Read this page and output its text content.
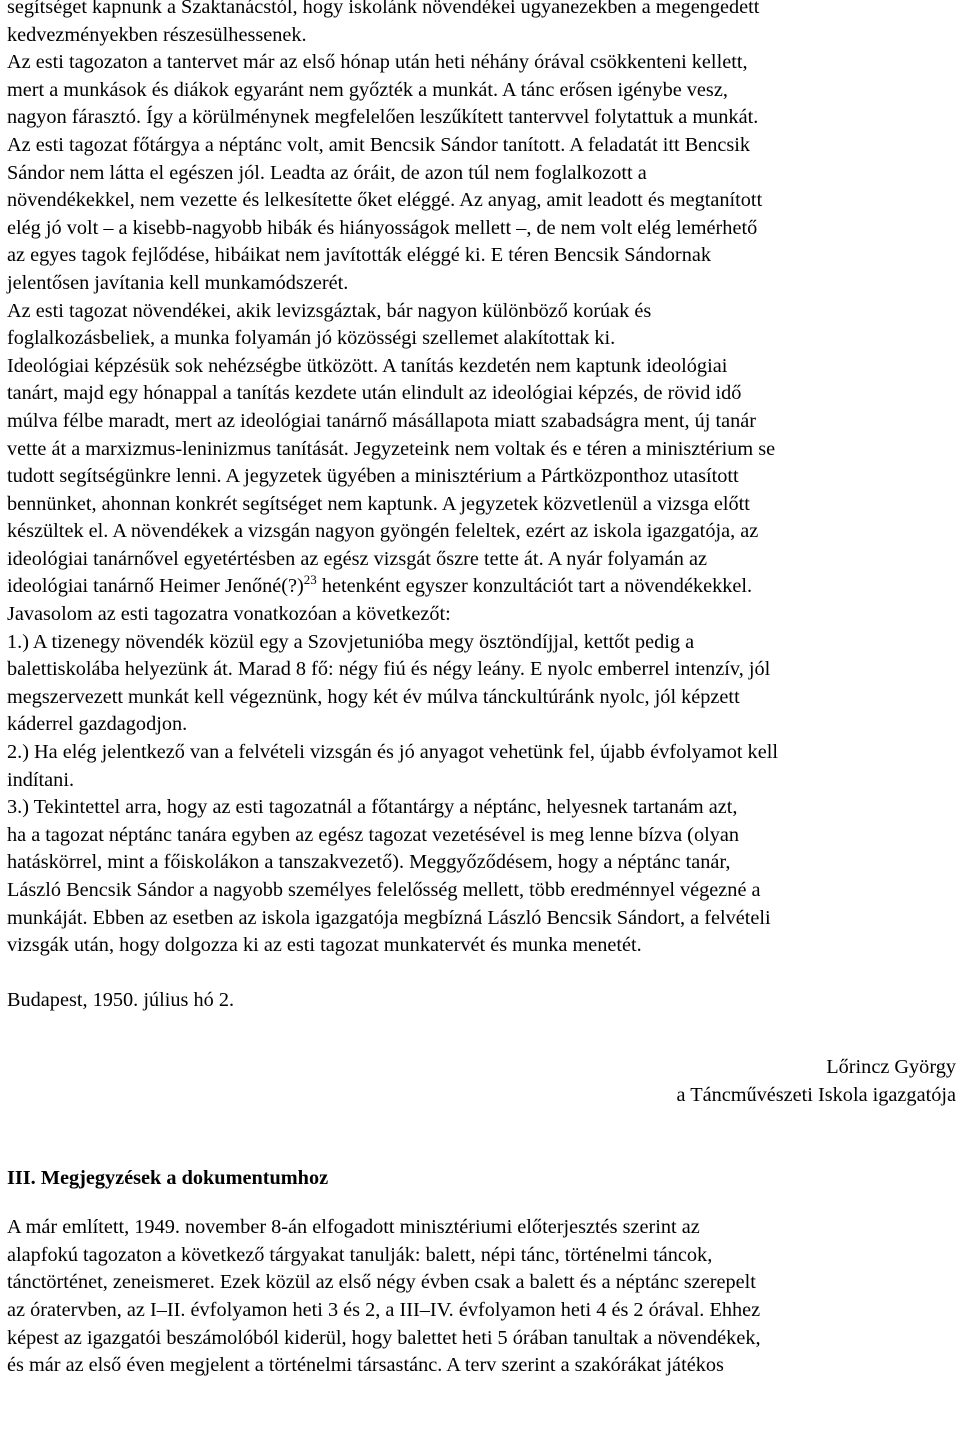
segítséget kapnunk a Szaktanácstól, hogy iskolánk növendékei ugyanezekben a megengedett

kedvezményekben részesülhessenek.

Az esti tagozaton a tantervet már az első hónap után heti néhány órával csökkenteni kellett,

mert a munkások és diákok egyaránt nem győzték a munkát. A tánc erősen igénybe vesz,

nagyon fárasztó. Így a körülménynek megfelelően leszűkített tantervvel folytattuk a munkát.

Az esti tagozat főtárgya a néptánc volt, amit Bencsik Sándor tanított. A feladatát itt Bencsik

Sándor nem látta el egészen jól. Leadta az óráit, de azon túl nem foglalkozott a

növendékekkel, nem vezette és lelkesítette őket eléggé. Az anyag, amit leadott és megtanított

elég jó volt – a kisebb-nagyobb hibák és hiányosságok mellett –, de nem volt elég lemérhető

az egyes tagok fejlődése, hibáikat nem javították eléggé ki. E téren Bencsik Sándornak

jelentősen javítania kell munkamódszerét.

Az esti tagozat növendékei, akik levizsgáztak, bár nagyon különböző korúak és

foglalkozásbeliek, a munka folyamán jó közösségi szellemet alakítottak ki.

Ideológiai képzésük sok nehézségbe ütközött. A tanítás kezdetén nem kaptunk ideológiai

tanárt, majd egy hónappal a tanítás kezdete után elindult az ideológiai képzés, de rövid idő

múlva félbe maradt, mert az ideológiai tanárnő másállapota miatt szabadságra ment, új tanár

vette át a marxizmus-leninizmus tanítását. Jegyzeteink nem voltak és e téren a minisztérium se

tudott segítségünkre lenni. A jegyzetek ügyében a minisztérium a Pártközponthoz utasított

bennünket, ahonnan konkrét segítséget nem kaptunk. A jegyzetek közvetlenül a vizsga előtt

készültek el. A növendékek a vizsgán nagyon gyöngén feleltek, ezért az iskola igazgatója, az

ideológiai tanárnővel egyetértésben az egész vizsgát őszre tette át. A nyár folyamán az

ideológiai tanárnő Heimer Jenőné(?)$^{23}$ hetenként egyszer konzultációt tart a növendékekkel.

Javasolom az esti tagozatra vonatkozóan a következőt:

1.) A tizenegy növendék közül egy a Szovjetunióba megy ösztöndíjjal, kettőt pedig a

balettiskolába helyezünk át. Marad 8 fő: négy fiú és négy leány. E nyolc emberrel intenzív, jól

megszervezett munkát kell végeznünk, hogy két év múlva tánckultúránk nyolc, jól képzett

káderrel gazdagodjon.

2.) Ha elég jelentkező van a felvételi vizsgán és jó anyagot vehetünk fel, újabb évfolyamot kell

indítani.

3.) Tekintettel arra, hogy az esti tagozatnál a főtantárgy a néptánc, helyesnek tartanám azt,

ha a tagozat néptánc tanára egyben az egész tagozat vezetésével is meg lenne bízva (olyan

hatáskörrel, mint a főiskolákon a tanszakvezető). Meggyőződésem, hogy a néptánc tanár,

László Bencsik Sándor a nagyobb személyes felelősség mellett, több eredménnyel végezné a

munkáját. Ebben az esetben az iskola igazgatója megbízná László Bencsik Sándort, a felvételi

vizsgák után, hogy dolgozza ki az esti tagozat munkatervét és munka menetét.

Budapest, 1950. július hó 2.

Lőrincz György

a Táncművészeti Iskola igazgatója

III. Megjegyzések a dokumentumhoz

A már említett, 1949. november 8-án elfogadott minisztériumi előterjesztés szerint az

alapfokú tagozaton a következő tárgyakat tanulják: balett, népi tánc, történelmi táncok,

tánctörténet, zeneismeret. Ezek közül az első négy évben csak a balett és a néptánc szerepelt

az óratervben, az I–II. évfolyamon heti 3 és 2, a III–IV. évfolyamon heti 4 és 2 órával. Ehhez

képest az igazgatói beszámolóból kiderül, hogy balettet heti 5 órában tanultak a növendékek,

és már az első éven megjelent a történelmi társastánc. A terv szerint a szakórákat játékos
